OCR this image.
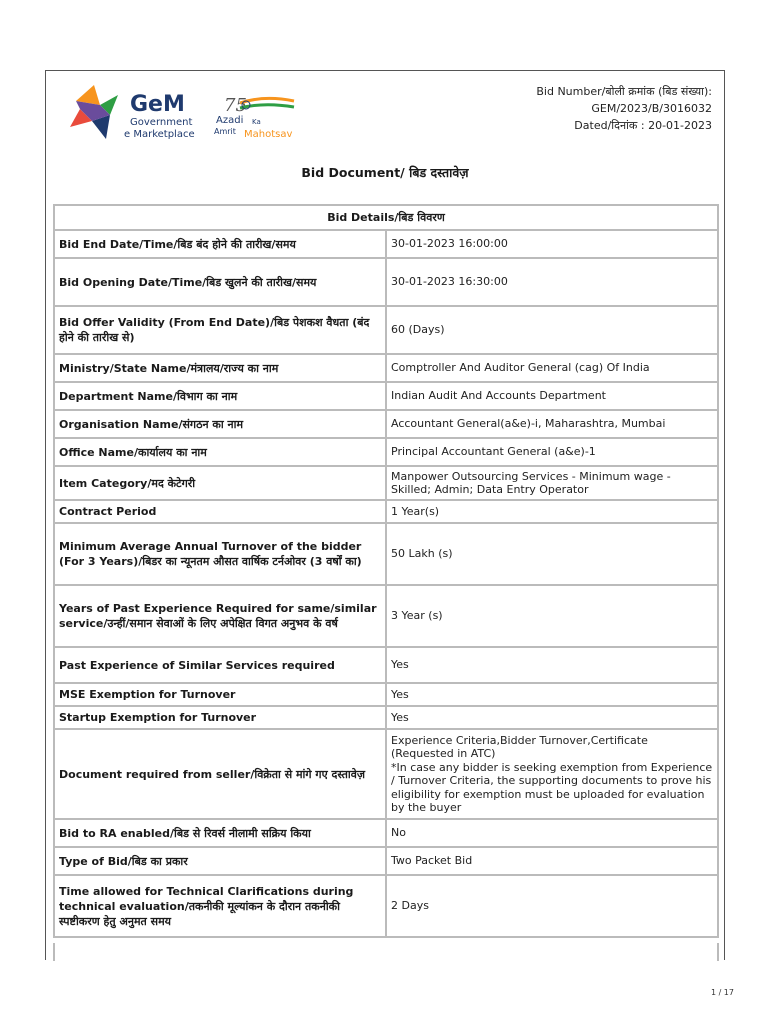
GeM
Government
e Marketplace
75
Azadi Ka
Amrit Mahotsav
Bid Number/बोली क्रमांक (बिड संख्या):
GEM/2023/B/3016032
Dated/दिनांक : 20-01-2023
Bid Document/ बिड दस्तावेज़
Bid Details/बिड विवरण	
Bid End Date/Time/बिड बंद होने की तारीख/समय	30-01-2023 16:00:00
Bid Opening Date/Time/बिड खुलने की तारीख/समय	30-01-2023 16:30:00
Bid Offer Validity (From End Date)/बिड पेशकश वैधता (बंद होने की तारीख से)	60 (Days)
Ministry/State Name/मंत्रालय/राज्य का नाम	Comptroller And Auditor General (cag) Of India
Department Name/विभाग का नाम	Indian Audit And Accounts Department
Organisation Name/संगठन का नाम	Accountant General(a&e)-i, Maharashtra, Mumbai
Office Name/कार्यालय का नाम	Principal Accountant General (a&e)-1
Item Category/मद केटेगरी	Manpower Outsourcing Services - Minimum wage - Skilled; Admin; Data Entry Operator
Contract Period	1 Year(s)
Minimum Average Annual Turnover of the bidder (For 3 Years)/बिडर का न्यूनतम औसत वार्षिक टर्नओवर (3 वर्षों का)	50 Lakh (s)
Years of Past Experience Required for same/similar service/उन्हीं/समान सेवाओं के लिए अपेक्षित विगत अनुभव के वर्ष	3 Year (s)
Past Experience of Similar Services required	Yes
MSE Exemption for Turnover	Yes
Startup Exemption for Turnover	Yes
Document required from seller/विक्रेता से मांगे गए दस्तावेज़	Experience Criteria,Bidder Turnover,Certificate (Requested in ATC)
*In case any bidder is seeking exemption from Experience / Turnover Criteria, the supporting documents to prove his eligibility for exemption must be uploaded for evaluation by the buyer
Bid to RA enabled/बिड से रिवर्स नीलामी सक्रिय किया	No
Type of Bid/बिड का प्रकार	Two Packet Bid
Time allowed for Technical Clarifications during technical evaluation/तकनीकी मूल्यांकन के दौरान तकनीकी स्पष्टीकरण हेतु अनुमत समय	2 Days
1 / 17
